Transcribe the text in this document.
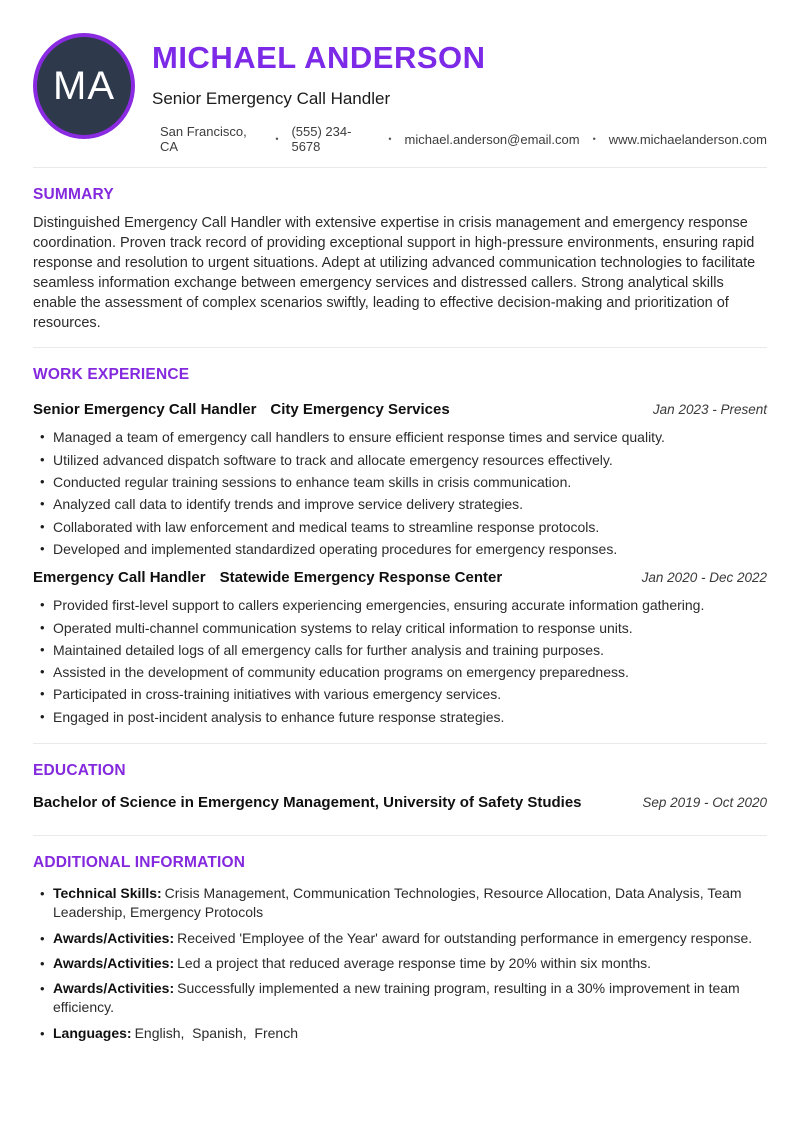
MA
MICHAEL ANDERSON
Senior Emergency Call Handler
San Francisco, CA
• (555) 234-5678
• michael.anderson@email.com • www.michaelanderson.com
SUMMARY
Distinguished Emergency Call Handler with extensive expertise in crisis management and emergency response coordination. Proven track record of providing exceptional support in high-pressure environments, ensuring rapid response and resolution to urgent situations. Adept at utilizing advanced communication technologies to facilitate seamless information exchange between emergency services and distressed callers. Strong analytical skills enable the assessment of complex scenarios swiftly, leading to effective decision-making and prioritization of resources.
WORK EXPERIENCE
Senior Emergency Call Handler City Emergency Services	Jan 2023 - Present
• Managed a team of emergency call handlers to ensure efficient response times and service quality.
• Utilized advanced dispatch software to track and allocate emergency resources effectively.
• Conducted regular training sessions to enhance team skills in crisis communication.
• Analyzed call data to identify trends and improve service delivery strategies.
• Collaborated with law enforcement and medical teams to streamline response protocols.
• Developed and implemented standardized operating procedures for emergency responses.
Emergency Call Handler Statewide Emergency Response Center	Jan 2020 - Dec 2022
• Provided first-level support to callers experiencing emergencies, ensuring accurate information gathering.
• Operated multi-channel communication systems to relay critical information to response units.
• Maintained detailed logs of all emergency calls for further analysis and training purposes.
• Assisted in the development of community education programs on emergency preparedness.
• Participated in cross-training initiatives with various emergency services.
• Engaged in post-incident analysis to enhance future response strategies.
EDUCATION
Bachelor of Science in Emergency Management, University of Safety Studies	Sep 2019 - Oct 2020
ADDITIONAL INFORMATION
• Technical Skills: Crisis Management, Communication Technologies, Resource Allocation, Data Analysis, Team Leadership, Emergency Protocols
• Awards/Activities: Received 'Employee of the Year' award for outstanding performance in emergency response.
• Awards/Activities: Led a project that reduced average response time by 20% within six months.
• Awards/Activities: Successfully implemented a new training program, resulting in a 30% improvement in team efficiency.
• Languages: English,  Spanish,  French
